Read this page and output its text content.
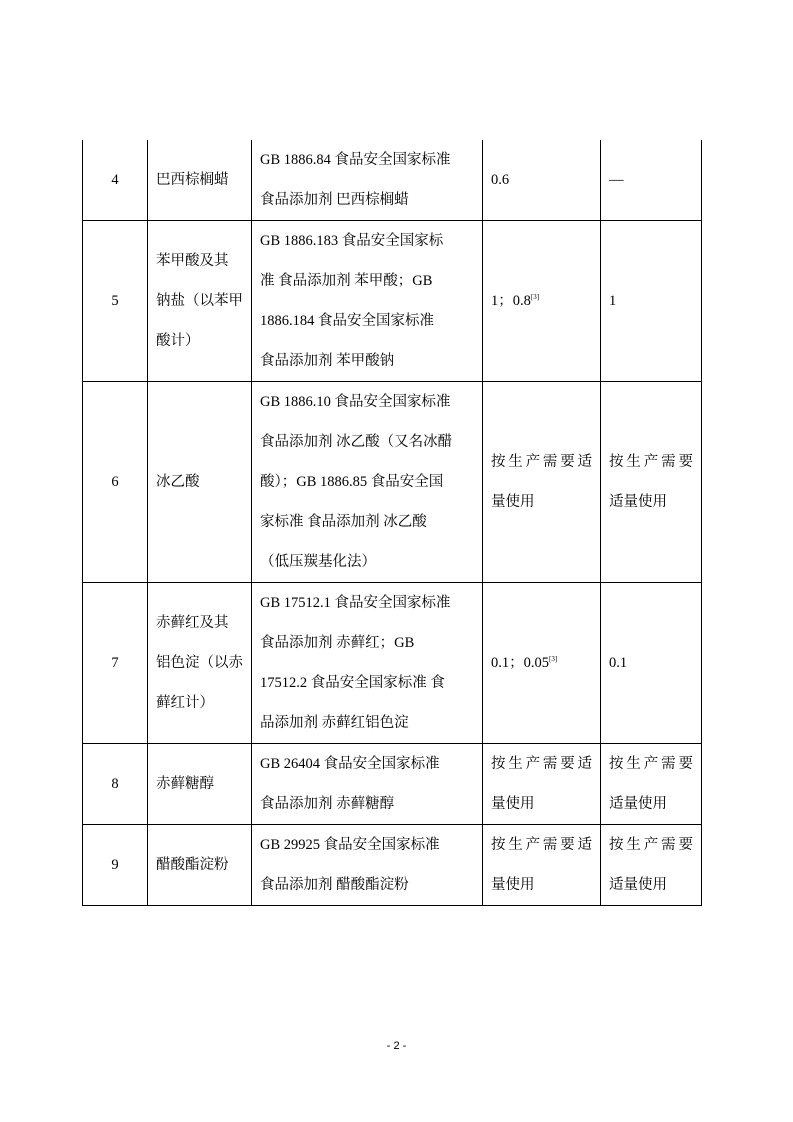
4	巴西棕榈蜡	GB 1886.84 食品安全国家标准
食品添加剂 巴西棕榈蜡	0.6	—
5	苯甲酸及其
钠盐（以苯甲
酸计）	GB 1886.183 食品安全国家标
准 食品添加剂 苯甲酸；GB
1886.184 食品安全国家标准
食品添加剂 苯甲酸钠	1；0.8[3]	1
6	冰乙酸	GB 1886.10 食品安全国家标准
食品添加剂 冰乙酸（又名冰醋
酸）；GB 1886.85 食品安全国
家标准 食品添加剂 冰乙酸
（低压羰基化法）	按生产需要适量使用	按生产需要适量使用
7	赤藓红及其
铝色淀（以赤
藓红计）	GB 17512.1 食品安全国家标准
食品添加剂 赤藓红；GB
17512.2 食品安全国家标准 食
品添加剂 赤藓红铝色淀	0.1；0.05[3]	0.1
8	赤藓糖醇	GB 26404 食品安全国家标准
食品添加剂 赤藓糖醇	按生产需要适量使用	按生产需要适量使用
9	醋酸酯淀粉	GB 29925 食品安全国家标准
食品添加剂 醋酸酯淀粉	按生产需要适量使用	按生产需要适量使用
- 2 -
